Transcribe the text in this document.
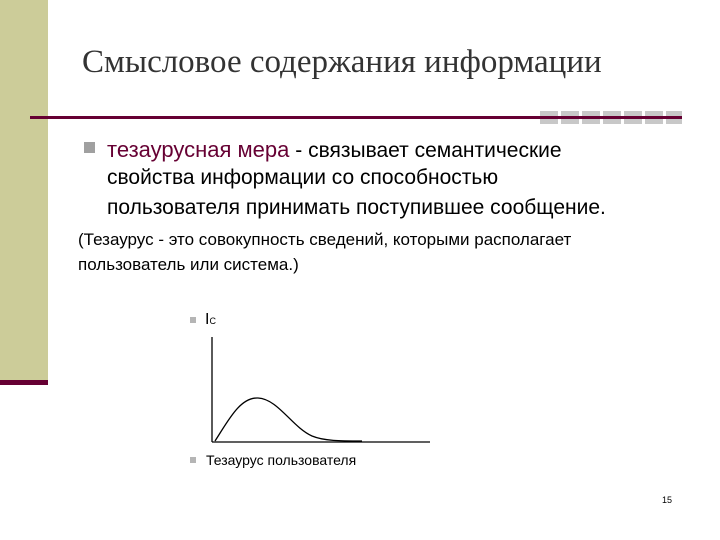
Смысловое содержания информации
тезаурусная мера - связывает семантические
свойства информации со способностью
пользователя принимать поступившее сообщение.
(Тезаурус - это совокупность сведений, которыми располагает
пользователь или система.)
IC
Тезаурус пользователя
15
